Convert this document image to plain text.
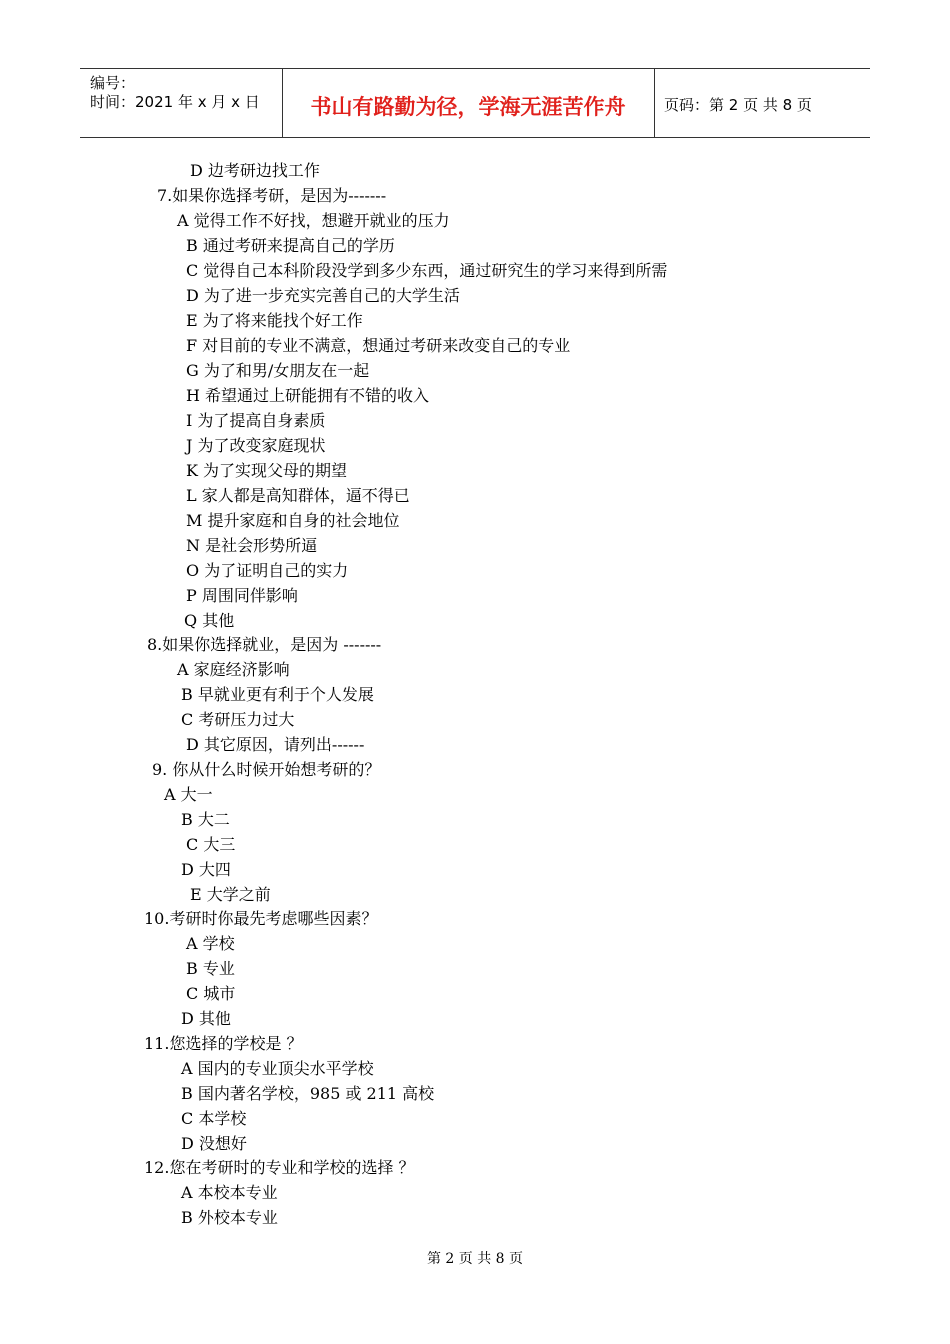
编号：
时间：2021 年 x 月 x 日	书山有路勤为径，学海无涯苦作舟	页码：第 2 页 共 8 页
D 边考研边找工作
7.如果你选择考研，是因为-------
A 觉得工作不好找，想避开就业的压力
B 通过考研来提高自己的学历
C 觉得自己本科阶段没学到多少东西，通过研究生的学习来得到所需
D 为了进一步充实完善自己的大学生活
E 为了将来能找个好工作
F 对目前的专业不满意，想通过考研来改变自己的专业
G 为了和男/女朋友在一起
H 希望通过上研能拥有不错的收入
I 为了提高自身素质
J 为了改变家庭现状
K 为了实现父母的期望
L 家人都是高知群体，逼不得已
M 提升家庭和自身的社会地位
N 是社会形势所逼
O 为了证明自己的实力
P 周围同伴影响
Q 其他
8.如果你选择就业，是因为 -------
A 家庭经济影响
B 早就业更有利于个人发展
C 考研压力过大
D 其它原因，请列出------
9. 你从什么时候开始想考研的？
A 大一
B 大二
C 大三
D 大四
E 大学之前
10.考研时你最先考虑哪些因素？
A 学校
B 专业
C 城市
D 其他
11.您选择的学校是 ？
A 国内的专业顶尖水平学校
B 国内著名学校，985 或 211 高校
C 本学校
D 没想好
12.您在考研时的专业和学校的选择 ？
A 本校本专业
B 外校本专业
第 2 页 共 8 页
